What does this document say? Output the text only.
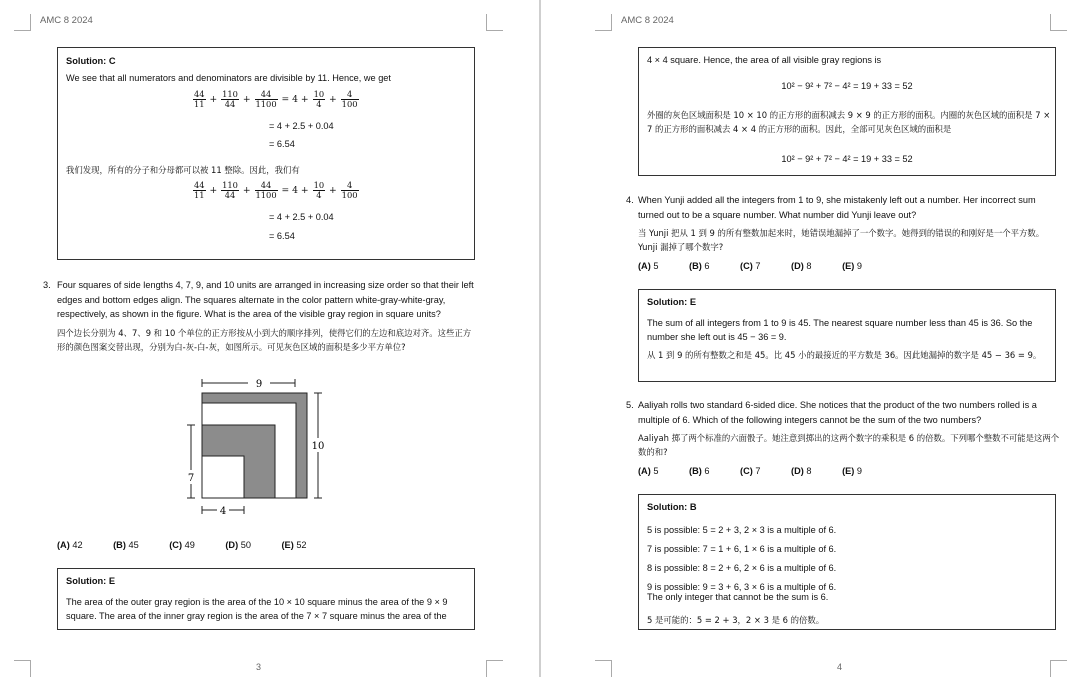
AMC 8 2024
Solution: C
We see that all numerators and denominators are divisible by 11. Hence, we get
$\frac{44}{11} + \frac{110}{44} + \frac{44}{1100} = 4 + \frac{10}{4} + \frac{4}{100}$
= 4 + 2.5 + 0.04
= 6.54
我们发现，所有的分子和分母都可以被 11 整除。因此，我们有
$\frac{44}{11} + \frac{110}{44} + \frac{44}{1100} = 4 + \frac{10}{4} + \frac{4}{100}$
= 4 + 2.5 + 0.04
= 6.54
3. Four squares of side lengths 4, 7, 9, and 10 units are arranged in increasing size order so that their left edges and bottom edges align. The squares alternate in the color pattern white-gray-white-gray, respectively, as shown in the figure. What is the area of the visible gray region in square units?
四个边长分别为 4、7、9 和 10 个单位的正方形按从小到大的顺序排列，使得它们的左边和底边对齐。这些正方形的颜色图案交替出现，分别为白-灰-白-灰，如图所示。可见灰色区域的面积是多少平方单位?
9
10
7
4
(A) 42	(B) 45	(C) 49	(D) 50	(E) 52
Solution: E
The area of the outer gray region is the area of the 10 × 10 square minus the area of the 9 × 9 square. The area of the inner gray region is the area of the 7 × 7 square minus the area of the
3
AMC 8 2024
4 × 4 square. Hence, the area of all visible gray regions is
10² − 9² + 7² − 4² = 19 + 33 = 52
外圈的灰色区域面积是 10 × 10 的正方形的面积减去 9 × 9 的正方形的面积。内圈的灰色区域的面积是 7 × 7 的正方形的面积减去 4 × 4 的正方形的面积。因此，全部可见灰色区域的面积是
10² − 9² + 7² − 4² = 19 + 33 = 52
4. When Yunji added all the integers from 1 to 9, she mistakenly left out a number. Her incorrect sum turned out to be a square number. What number did Yunji leave out?
当 Yunji 把从 1 到 9 的所有整数加起来时，她错误地漏掉了一个数字。她得到的错误的和刚好是一个平方数。Yunji 漏掉了哪个数字?
(A) 5	(B) 6	(C) 7	(D) 8	(E) 9
Solution: E
The sum of all integers from 1 to 9 is 45. The nearest square number less than 45 is 36. So the number she left out is 45 − 36 = 9.
从 1 到 9 的所有整数之和是 45。比 45 小的最接近的平方数是 36。因此她漏掉的数字是 45 − 36 = 9。
5. Aaliyah rolls two standard 6-sided dice. She notices that the product of the two numbers rolled is a multiple of 6. Which of the following integers cannot be the sum of the two numbers?
Aaliyah 掷了两个标准的六面骰子。她注意到掷出的这两个数字的乘积是 6 的倍数。下列哪个整数不可能是这两个数的和?
(A) 5	(B) 6	(C) 7	(D) 8	(E) 9
Solution: B
5 is possible: 5 = 2 + 3, 2 × 3 is a multiple of 6.
7 is possible: 7 = 1 + 6, 1 × 6 is a multiple of 6.
8 is possible: 8 = 2 + 6, 2 × 6 is a multiple of 6.
9 is possible: 9 = 3 + 6, 3 × 6 is a multiple of 6.
The only integer that cannot be the sum is 6.
5 是可能的：5 = 2 + 3，2 × 3 是 6 的倍数。
4
